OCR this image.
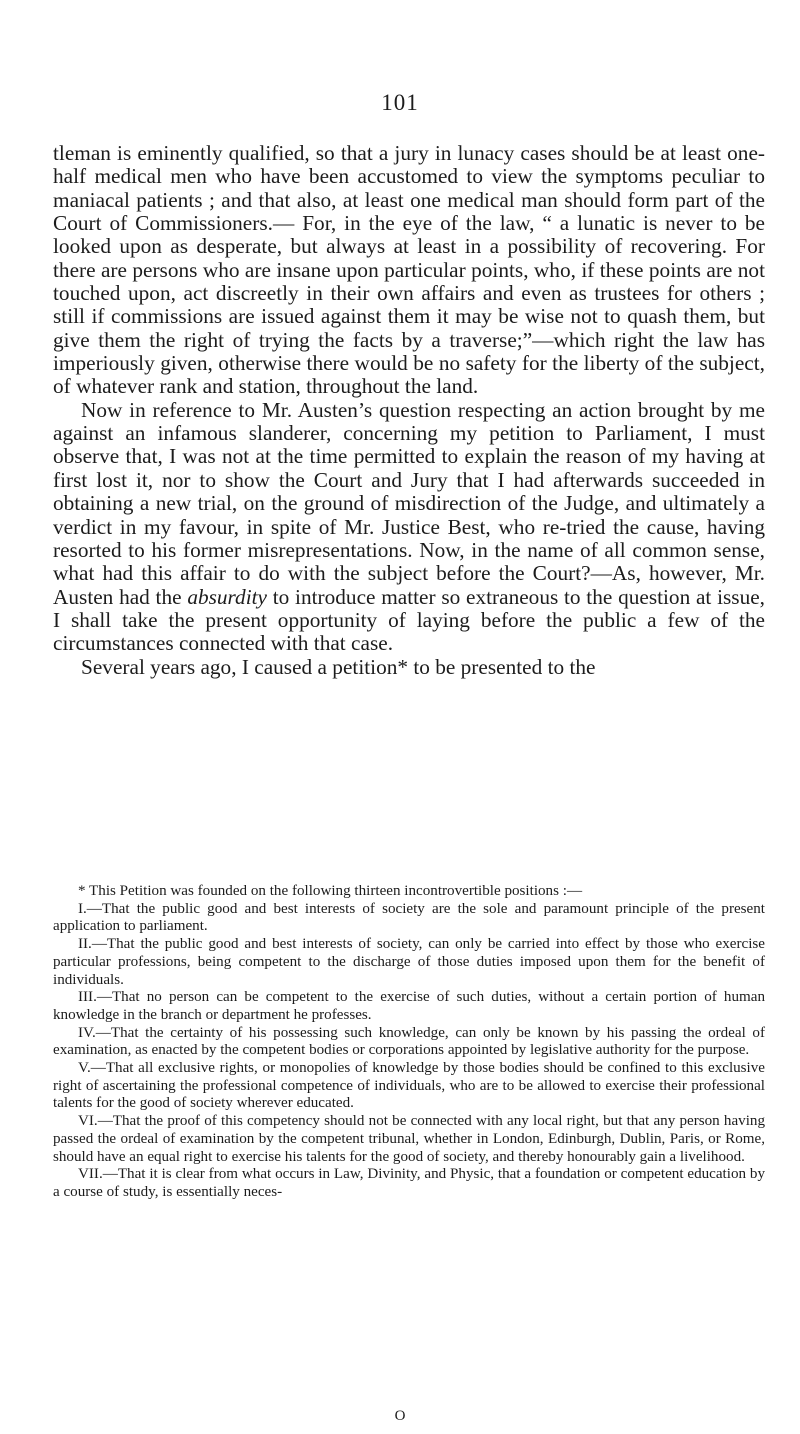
101

tleman is eminently qualified, so that a jury in lunacy cases should be at least one-half medical men who have been accustomed to view the symptoms peculiar to maniacal patients ; and that also, at least one medical man should form part of the Court of Commissioners.— For, in the eye of the law, “ a lunatic is never to be looked upon as desperate, but always at least in a possibility of recovering. For there are persons who are insane upon particular points, who, if these points are not touched upon, act discreetly in their own affairs and even as trustees for others ; still if commissions are issued against them it may be wise not to quash them, but give them the right of trying the facts by a traverse;”—which right the law has imperiously given, otherwise there would be no safety for the liberty of the subject, of whatever rank and station, throughout the land.

Now in reference to Mr. Austen’s question respecting an action brought by me against an infamous slanderer, concerning my petition to Parliament, I must observe that, I was not at the time permitted to explain the reason of my having at first lost it, nor to show the Court and Jury that I had afterwards succeeded in obtaining a new trial, on the ground of misdirection of the Judge, and ultimately a verdict in my favour, in spite of Mr. Justice Best, who re-tried the cause, having resorted to his former misrepresentations. Now, in the name of all common sense, what had this affair to do with the subject before the Court?—As, however, Mr. Austen had the absurdity to introduce matter so extraneous to the question at issue, I shall take the present opportunity of laying before the public a few of the circumstances connected with that case.

Several years ago, I caused a petition* to be presented to the

* This Petition was founded on the following thirteen incontrovertible positions :—

I.—That the public good and best interests of society are the sole and paramount principle of the present application to parliament.

II.—That the public good and best interests of society, can only be carried into effect by those who exercise particular professions, being competent to the discharge of those duties imposed upon them for the benefit of individuals.

III.—That no person can be competent to the exercise of such duties, without a certain portion of human knowledge in the branch or department he professes.

IV.—That the certainty of his possessing such knowledge, can only be known by his passing the ordeal of examination, as enacted by the competent bodies or corporations appointed by legislative authority for the purpose.

V.—That all exclusive rights, or monopolies of knowledge by those bodies should be confined to this exclusive right of ascertaining the professional competence of individuals, who are to be allowed to exercise their professional talents for the good of society wherever educated.

VI.—That the proof of this competency should not be connected with any local right, but that any person having passed the ordeal of examination by the competent tribunal, whether in London, Edinburgh, Dublin, Paris, or Rome, should have an equal right to exercise his talents for the good of society, and thereby honourably gain a livelihood.

VII.—That it is clear from what occurs in Law, Divinity, and Physic, that a foundation or competent education by a course of study, is essentially neces-

O
